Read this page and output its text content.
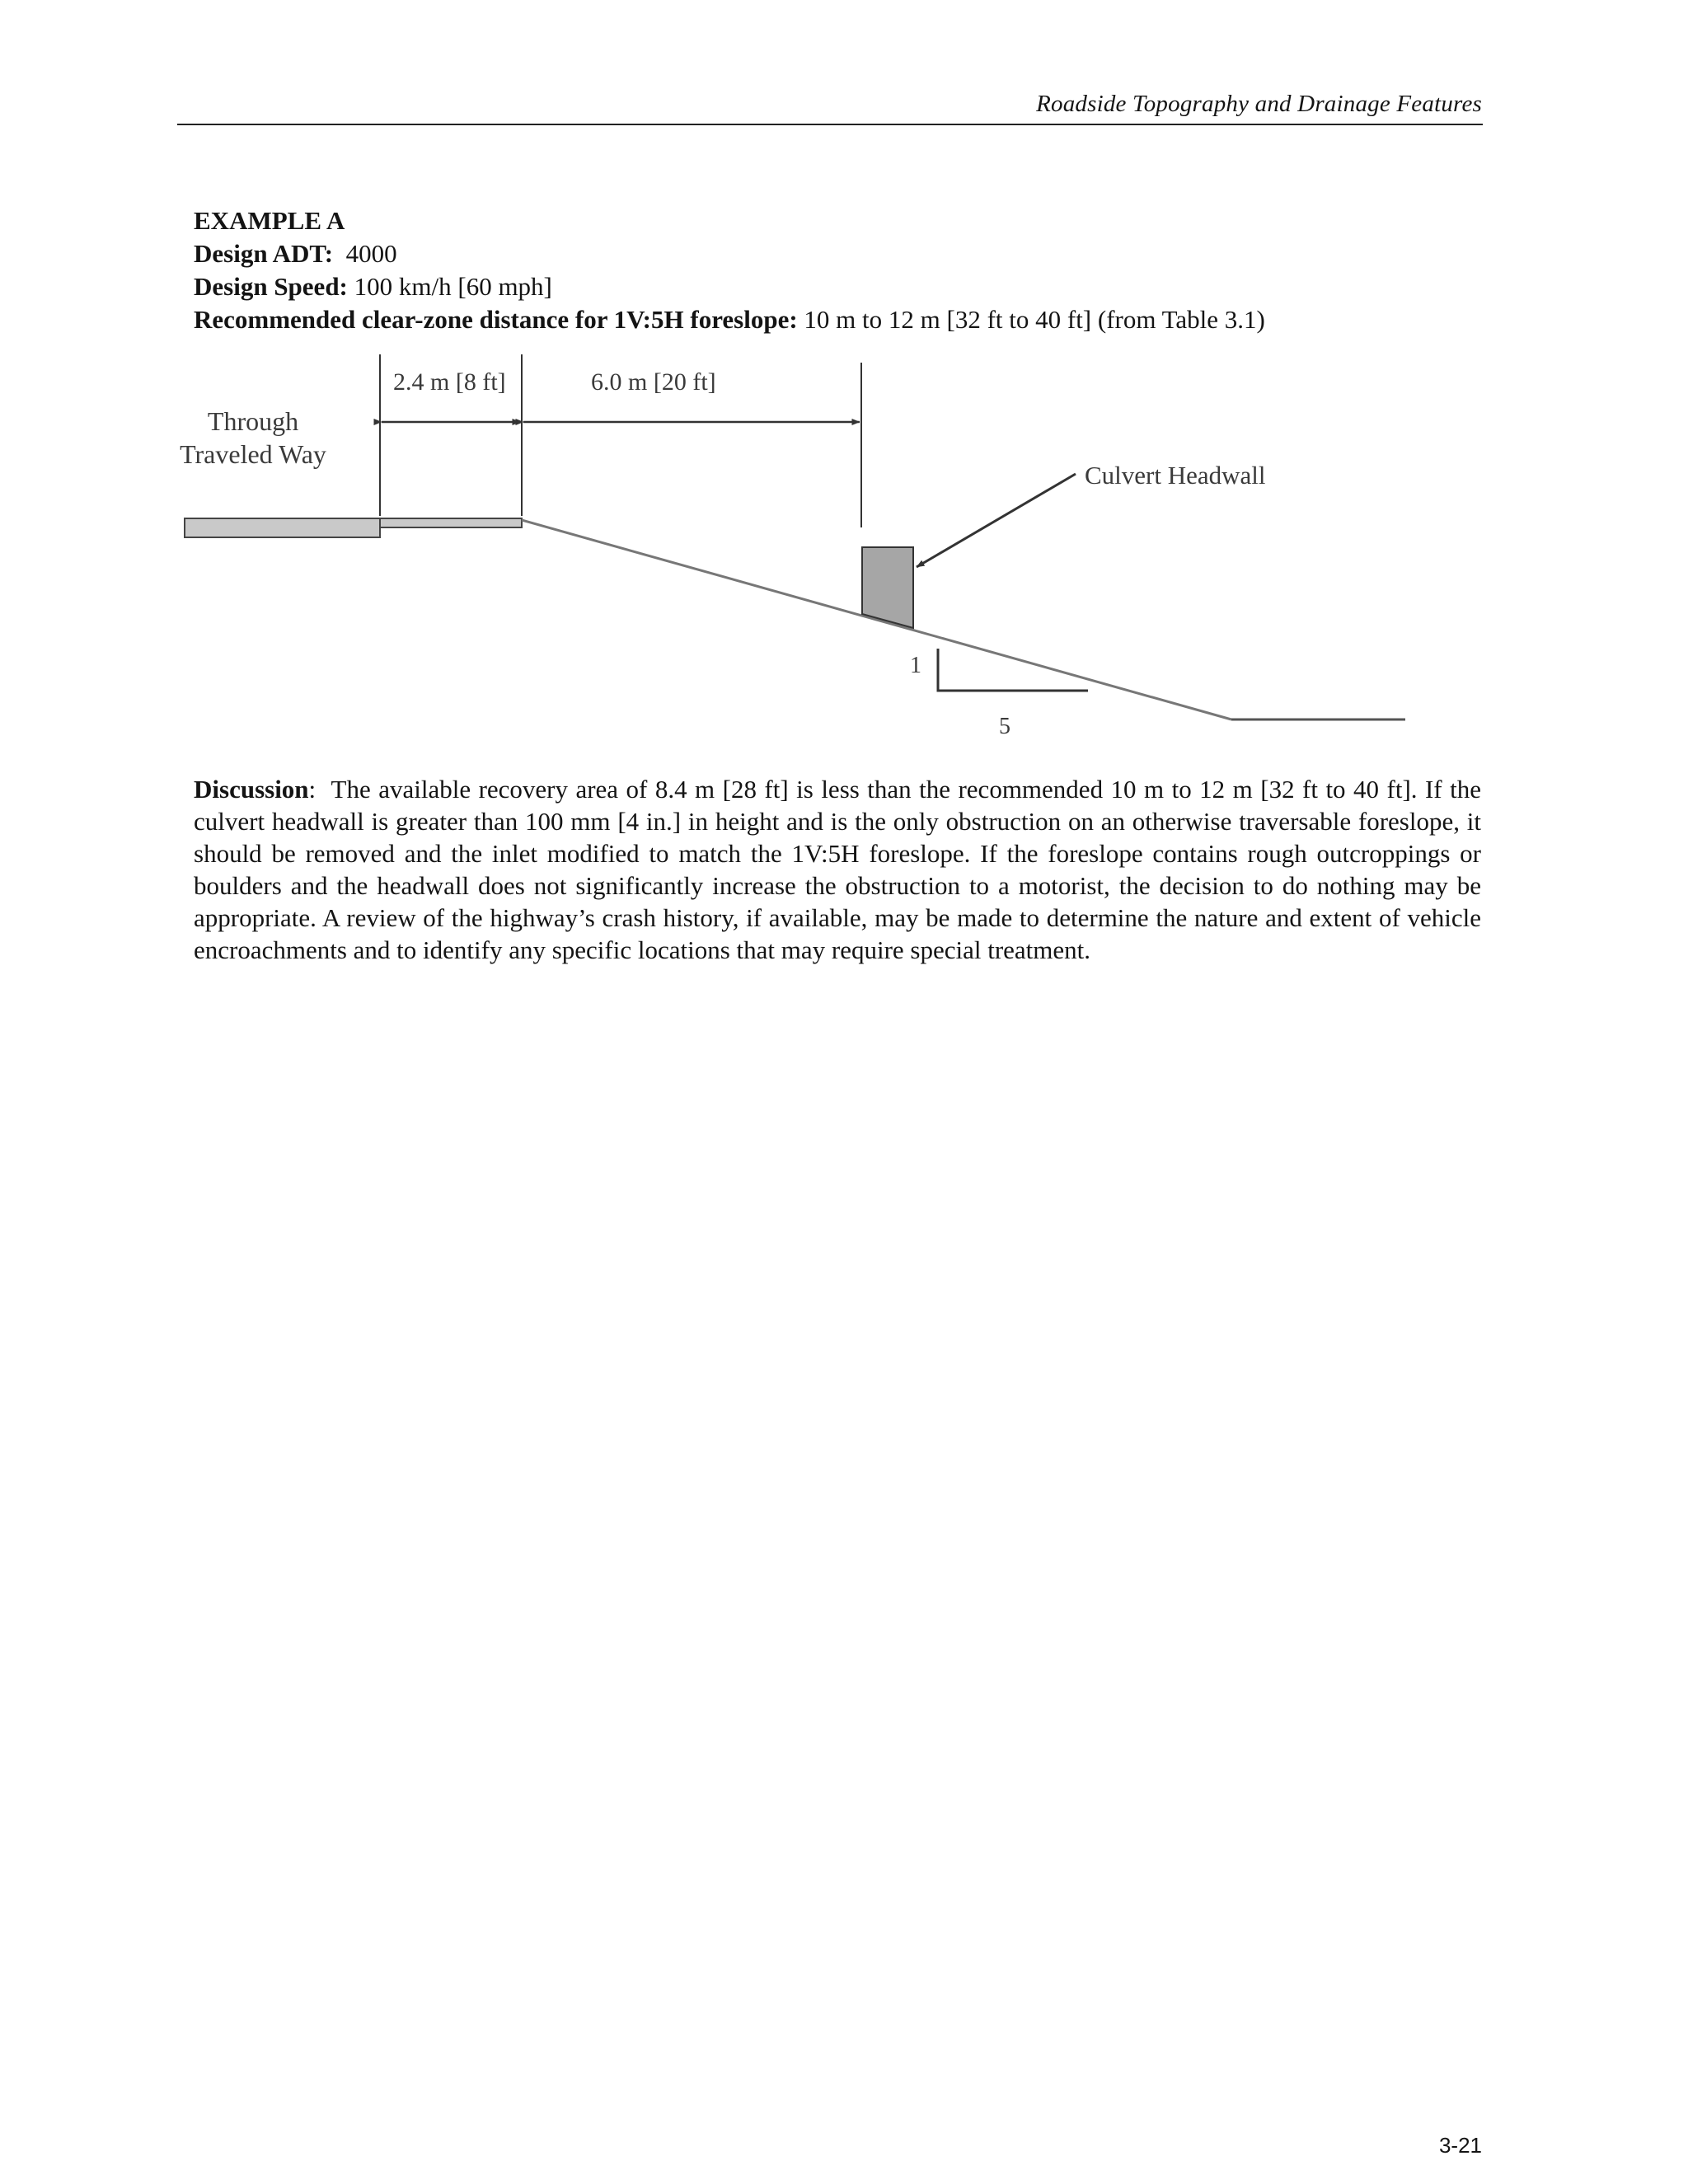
Roadside Topography and Drainage Features
EXAMPLE A
Design ADT: 4000
Design Speed: 100 km/h [60 mph]
Recommended clear-zone distance for 1V:5H foreslope: 10 m to 12 m [32 ft to 40 ft] (from Table 3.1)
Through
Traveled Way
2.4 m [8 ft]	6.0 m [20 ft]
Culvert Headwall
1
5
Discussion:  The available recovery area of 8.4 m [28 ft] is less than the recommended 10 m to 12 m [32 ft to 40 ft]. If the culvert headwall is greater than 100 mm [4 in.] in height and is the only obstruction on an otherwise traversable foreslope, it should be removed and the inlet modified to match the 1V:5H foreslope. If the foreslope contains rough outcroppings or boulders and the headwall does not significantly increase the obstruction to a motorist, the decision to do nothing may be appropriate. A review of the highway’s crash history, if available, may be made to determine the nature and extent of vehicle encroachments and to identify any specific locations that may require special treatment.
3-21
